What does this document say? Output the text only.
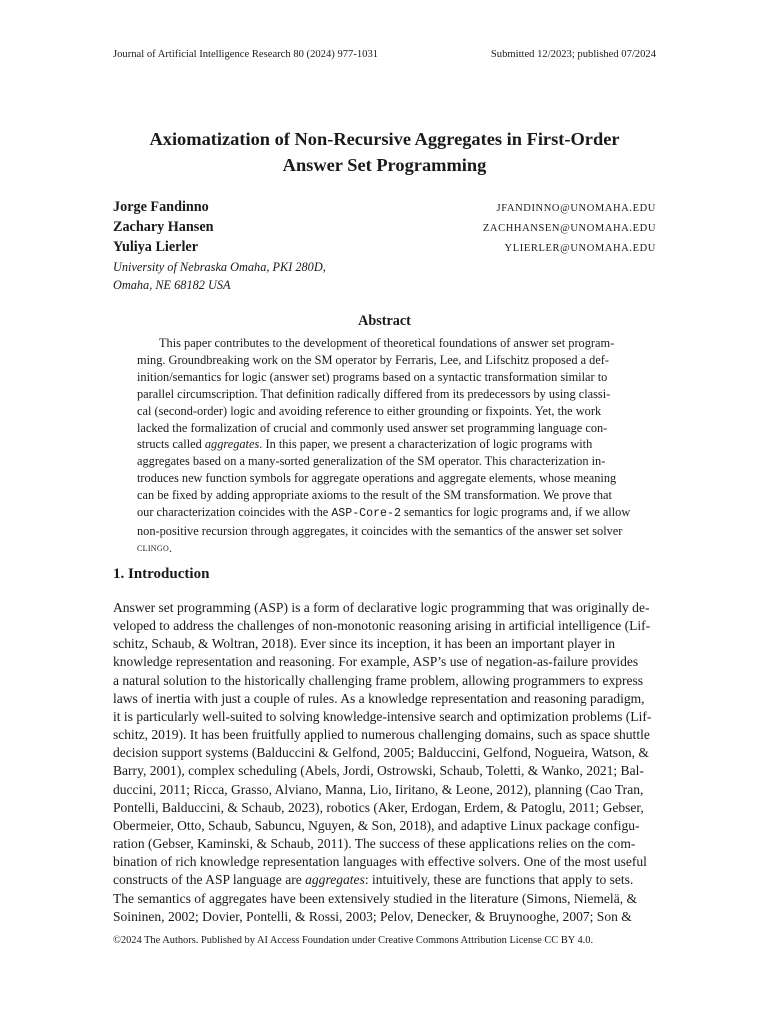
Journal of Artificial Intelligence Research 80 (2024) 977-1031	Submitted 12/2023; published 07/2024
Axiomatization of Non-Recursive Aggregates in First-Order
Answer Set Programming
Jorge Fandinno	JFANDINNO@UNOMAHA.EDU
Zachary Hansen	ZACHHANSEN@UNOMAHA.EDU
Yuliya Lierler	YLIERLER@UNOMAHA.EDU
University of Nebraska Omaha, PKI 280D,
Omaha, NE 68182 USA
Abstract
This paper contributes to the development of theoretical foundations of answer set program-
ming. Groundbreaking work on the SM operator by Ferraris, Lee, and Lifschitz proposed a def-
inition/semantics for logic (answer set) programs based on a syntactic transformation similar to
parallel circumscription. That definition radically differed from its predecessors by using classi-
cal (second-order) logic and avoiding reference to either grounding or fixpoints. Yet, the work
lacked the formalization of crucial and commonly used answer set programming language con-
structs called aggregates. In this paper, we present a characterization of logic programs with
aggregates based on a many-sorted generalization of the SM operator. This characterization in-
troduces new function symbols for aggregate operations and aggregate elements, whose meaning
can be fixed by adding appropriate axioms to the result of the SM transformation. We prove that
our characterization coincides with the ASP-Core-2 semantics for logic programs and, if we allow
non-positive recursion through aggregates, it coincides with the semantics of the answer set solver
clingo .
1. Introduction
Answer set programming (ASP) is a form of declarative logic programming that was originally de-
veloped to address the challenges of non-monotonic reasoning arising in artificial intelligence (Lif-
schitz, Schaub, & Woltran, 2018). Ever since its inception, it has been an important player in
knowledge representation and reasoning. For example, ASP’s use of negation-as-failure provides
a natural solution to the historically challenging frame problem, allowing programmers to express
laws of inertia with just a couple of rules. As a knowledge representation and reasoning paradigm,
it is particularly well-suited to solving knowledge-intensive search and optimization problems (Lif-
schitz, 2019). It has been fruitfully applied to numerous challenging domains, such as space shuttle
decision support systems (Balduccini & Gelfond, 2005; Balduccini, Gelfond, Nogueira, Watson, &
Barry, 2001), complex scheduling (Abels, Jordi, Ostrowski, Schaub, Toletti, & Wanko, 2021; Bal-
duccini, 2011; Ricca, Grasso, Alviano, Manna, Lio, Iiritano, & Leone, 2012), planning (Cao Tran,
Pontelli, Balduccini, & Schaub, 2023), robotics (Aker, Erdogan, Erdem, & Patoglu, 2011; Gebser,
Obermeier, Otto, Schaub, Sabuncu, Nguyen, & Son, 2018), and adaptive Linux package configu-
ration (Gebser, Kaminski, & Schaub, 2011). The success of these applications relies on the com-
bination of rich knowledge representation languages with effective solvers. One of the most useful
constructs of the ASP language are aggregates: intuitively, these are functions that apply to sets.
The semantics of aggregates have been extensively studied in the literature (Simons, Niemelä, &
Soininen, 2002; Dovier, Pontelli, & Rossi, 2003; Pelov, Denecker, & Bruynooghe, 2007; Son &
©2024 The Authors. Published by AI Access Foundation under Creative Commons Attribution License CC BY 4.0.
